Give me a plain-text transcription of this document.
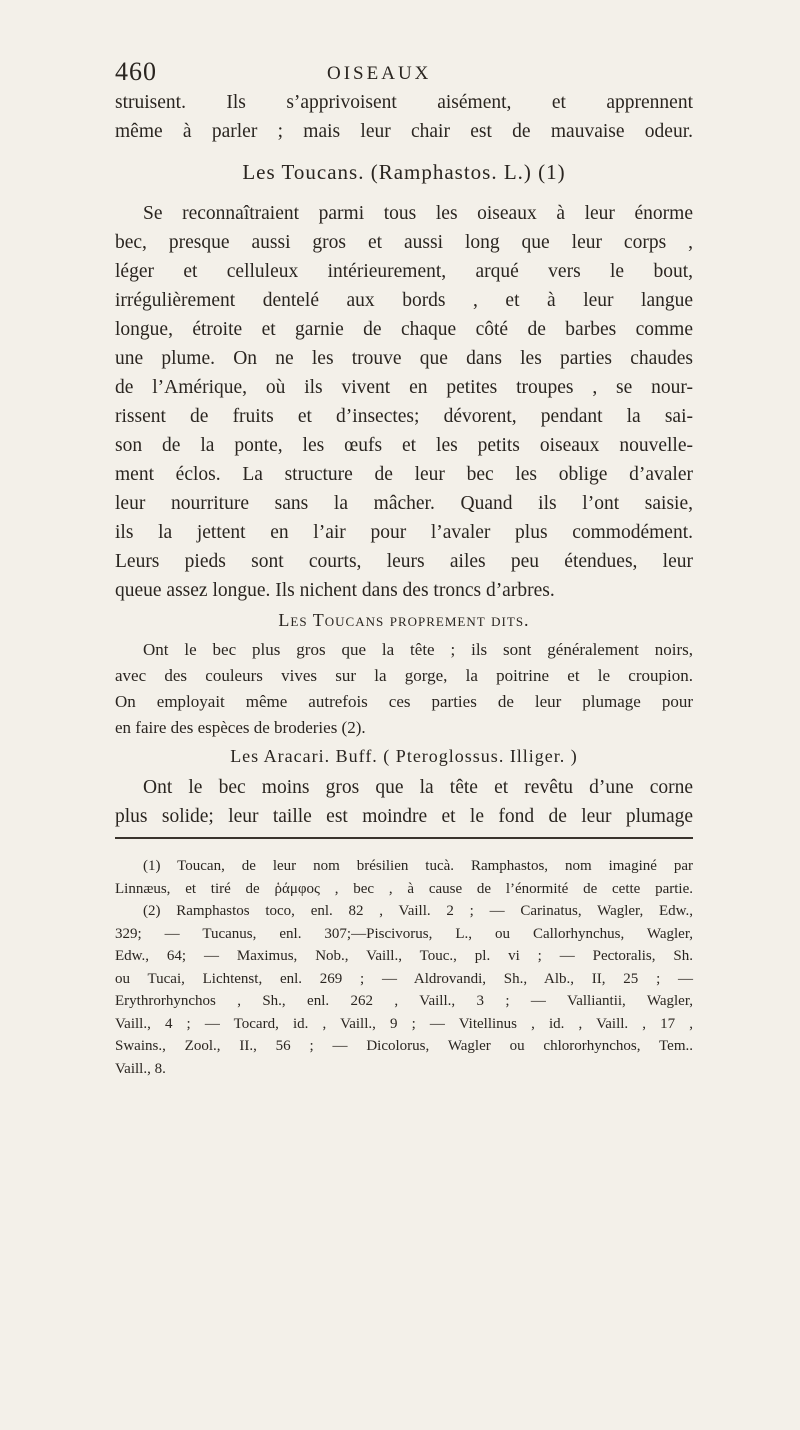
460	OISEAUX

struisent. Ils s’apprivoisent aisément, et apprennent
même à parler ; mais leur chair est de mauvaise odeur.

Les Toucans. (Ramphastos. L.) (1)

Se reconnaîtraient parmi tous les oiseaux à leur énorme
bec, presque aussi gros et aussi long que leur corps ,
léger et celluleux intérieurement, arqué vers le bout,
irrégulièrement dentelé aux bords , et à leur langue
longue, étroite et garnie de chaque côté de barbes comme
une plume. On ne les trouve que dans les parties chaudes
de l’Amérique, où ils vivent en petites troupes , se nour-
rissent de fruits et d’insectes; dévorent, pendant la sai-
son de la ponte, les œufs et les petits oiseaux nouvelle-
ment éclos. La structure de leur bec les oblige d’avaler
leur nourriture sans la mâcher. Quand ils l’ont saisie,
ils la jettent en l’air pour l’avaler plus commodément.
Leurs pieds sont courts, leurs ailes peu étendues, leur
queue assez longue. Ils nichent dans des troncs d’arbres.

Les Toucans proprement dits.

Ont le bec plus gros que la tête ; ils sont généralement noirs,
avec des couleurs vives sur la gorge, la poitrine et le croupion.
On employait même autrefois ces parties de leur plumage pour
en faire des espèces de broderies (2).

Les Aracari. Buff. ( Pteroglossus. Illiger. )

Ont le bec moins gros que la tête et revêtu d’une corne
plus solide; leur taille est moindre et le fond de leur plumage

(1) Toucan, de leur nom brésilien tucà. Ramphastos, nom imaginé par
Linnæus, et tiré de ῥάμφος , bec , à cause de l’énormité de cette partie.
(2) Ramphastos toco, enl. 82 , Vaill. 2 ; — Carinatus, Wagler, Edw.,
329; — Tucanus, enl. 307;—Piscivorus, L., ou Callorhynchus, Wagler,
Edw., 64; — Maximus, Nob., Vaill., Touc., pl. vi ; — Pectoralis, Sh.
ou Tucai, Lichtenst, enl. 269 ; — Aldrovandi, Sh., Alb., II, 25 ; —
Erythrorhynchos , Sh., enl. 262 , Vaill., 3 ; — Valliantii, Wagler,
Vaill., 4 ; — Tocard, id. , Vaill., 9 ; — Vitellinus , id. , Vaill. , 17 ,
Swains., Zool., II., 56 ; — Dicolorus, Wagler ou chlororhynchos, Tem..
Vaill., 8.
